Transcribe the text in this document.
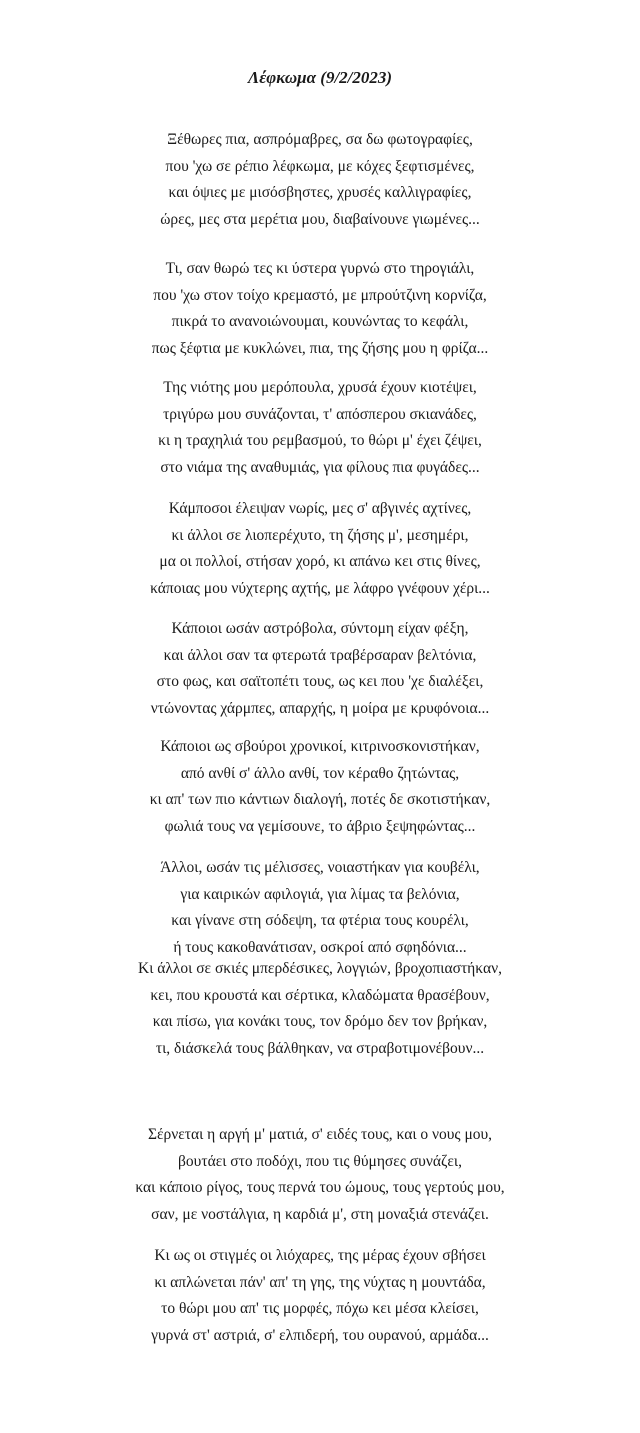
Λέφκωμα (9/2/2023)
Ξέθωρες πια, ασπρόμαβρες, σα δω φωτογραφίες,
που 'χω σε ρέπιο λέφκωμα, με κόχες ξεφτισμένες,
και όψιες με μισόσβηστες, χρυσές καλλιγραφίες,
ώρες, μες στα μερέτια μου, διαβαίνουνε γιωμένες...
Τι, σαν θωρώ τες κι ύστερα γυρνώ στο τηρογιάλι,
που 'χω στον τοίχο κρεμαστό, με μπρούτζινη κορνίζα,
πικρά το ανανοιώνουμαι, κουνώντας το κεφάλι,
πως ξέφτια με κυκλώνει, πια, της ζήσης μου η φρίζα...
Της νιότης μου μερόπουλα, χρυσά έχουν κιοτέψει,
τριγύρω μου συνάζονται, τ' απόσπερου σκιανάδες,
κι η τραχηλιά του ρεμβασμού, το θώρι μ' έχει ζέψει,
στο νιάμα της αναθυμιάς, για φίλους πια φυγάδες...
Κάμποσοι έλειψαν νωρίς, μες σ' αβγινές αχτίνες,
κι άλλοι σε λιοπερέχυτο, τη ζήσης μ', μεσημέρι,
μα οι πολλοί, στήσαν χορό, κι απάνω κει στις θίνες,
κάποιας μου νύχτερης αχτής, με λάφρο γνέφουν χέρι...
Κάποιοι ωσάν αστρόβολα, σύντομη είχαν φέξη,
και άλλοι σαν τα φτερωτά τραβέρσαραν βελτόνια,
στο φως, και σαϊτοπέτι τους, ως κει που 'χε διαλέξει,
ντώνοντας χάρμπες, απαρχής, η μοίρα με κρυφόνοια...
Κάποιοι ως σβούροι χρονικοί, κιτρινοσκονιστήκαν,
από ανθί σ' άλλο ανθί, τον κέραθο ζητώντας,
κι απ' των πιο κάντιων διαλογή, ποτές δε σκοτιστήκαν,
φωλιά τους να γεμίσουνε, το άβριο ξεψηφώντας...
Άλλοι, ωσάν τις μέλισσες, νοιαστήκαν για κουβέλι,
για καιρικών αφιλογιά, για λίμας τα βελόνια,
και γίνανε στη σόδεψη, τα φτέρια τους κουρέλι,
ή τους κακοθανάτισαν, οσκροί από σφηδόνια...
Κι άλλοι σε σκιές μπερδέσικες, λογγιών, βροχοπιαστήκαν,
κει, που κρουστά και σέρτικα, κλαδώματα θρασέβουν,
και πίσω, για κονάκι τους, τον δρόμο δεν τον βρήκαν,
τι, διάσκελά τους βάλθηκαν, να στραβοτιμονέβουν...
Σέρνεται η αργή μ' ματιά, σ' ειδές τους, και ο νους μου,
βουτάει στο ποδόχι, που τις θύμησες συνάζει,
και κάποιο ρίγος, τους περνά του ώμους, τους γερτούς μου,
σαν, με νοστάλγια, η καρδιά μ', στη μοναξιά στενάζει.
Κι ως οι στιγμές οι λιόχαρες, της μέρας έχουν σβήσει
κι απλώνεται πάν' απ' τη γης, της νύχτας η μουντάδα,
το θώρι μου απ' τις μορφές, πόχω κει μέσα κλείσει,
γυρνά στ' αστριά, σ' ελπιδερή, του ουρανού, αρμάδα...
